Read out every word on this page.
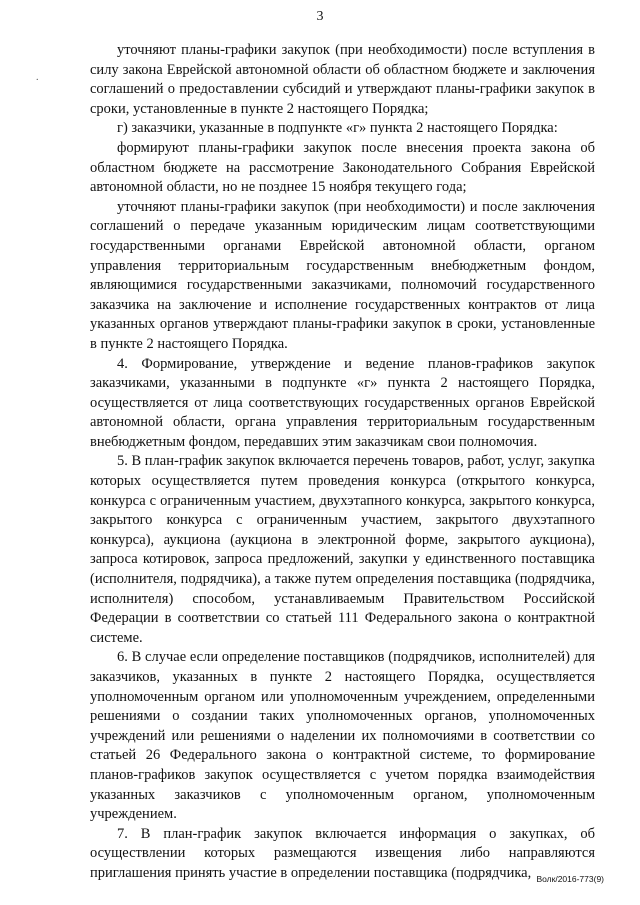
3
.

уточняют планы-графики закупок (при необходимости) после вступления в силу закона Еврейской автономной области об областном бюджете и заключения соглашений о предоставлении субсидий и утверждают планы-графики закупок в сроки, установленные в пункте 2 настоящего Порядка;

г) заказчики, указанные в подпункте «г» пункта 2 настоящего Порядка:

формируют планы-графики закупок после внесения проекта закона об областном бюджете на рассмотрение Законодательного Собрания Еврейской автономной области, но не позднее 15 ноября текущего года;

уточняют планы-графики закупок (при необходимости) и после заключения соглашений о передаче указанным юридическим лицам соответствующими государственными органами Еврейской автономной области, органом управления территориальным государственным внебюджетным фондом, являющимися государственными заказчиками, полномочий государственного заказчика на заключение и исполнение государственных контрактов от лица указанных органов утверждают планы-графики закупок в сроки, установленные в пункте 2 настоящего Порядка.

4. Формирование, утверждение и ведение планов-графиков закупок заказчиками, указанными в подпункте «г» пункта 2 настоящего Порядка, осуществляется от лица соответствующих государственных органов Еврейской автономной области, органа управления территориальным государственным внебюджетным фондом, передавших этим заказчикам свои полномочия.

5. В план-график закупок включается перечень товаров, работ, услуг, закупка которых осуществляется путем проведения конкурса (открытого конкурса, конкурса с ограниченным участием, двухэтапного конкурса, закрытого конкурса, закрытого конкурса с ограниченным участием, закрытого двухэтапного конкурса), аукциона (аукциона в электронной форме, закрытого аукциона), запроса котировок, запроса предложений, закупки у единственного поставщика (исполнителя, подрядчика), а также путем определения поставщика (подрядчика, исполнителя) способом, устанавливаемым Правительством Российской Федерации в соответствии со статьей 111 Федерального закона о контрактной системе.

6. В случае если определение поставщиков (подрядчиков, исполнителей) для заказчиков, указанных в пункте 2 настоящего Порядка, осуществляется уполномоченным органом или уполномоченным учреждением, определенными решениями о создании таких уполномоченных органов, уполномоченных учреждений или решениями о наделении их полномочиями в соответствии со статьей 26 Федерального закона о контрактной системе, то формирование планов-графиков закупок осуществляется с учетом порядка взаимодействия указанных заказчиков с уполномоченным органом, уполномоченным учреждением.

7. В план-график закупок включается информация о закупках, об осуществлении которых размещаются извещения либо направляются приглашения принять участие в определении поставщика (подрядчика, Волк/2016-773(9)
